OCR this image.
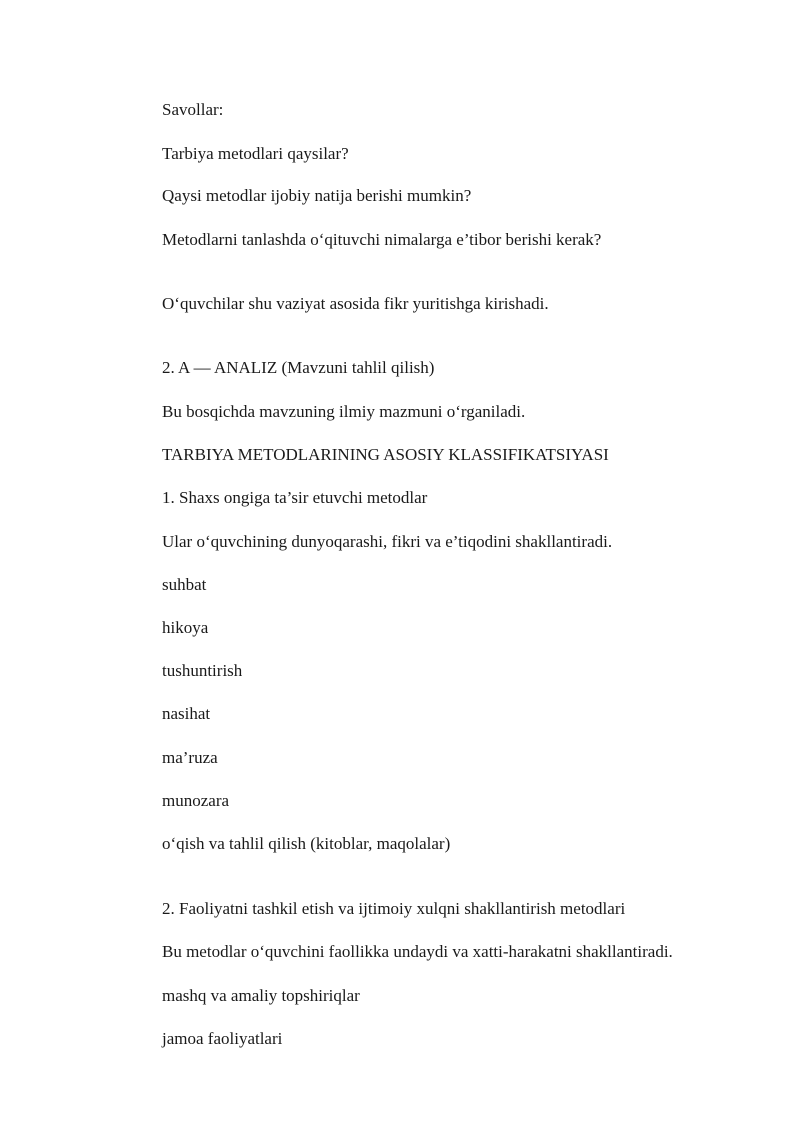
Savollar:

Tarbiya metodlari qaysilar?

Qaysi metodlar ijobiy natija berishi mumkin?

Metodlarni tanlashda o‘qituvchi nimalarga e’tibor berishi kerak?

O‘quvchilar shu vaziyat asosida fikr yuritishga kirishadi.

2. A — ANALIZ (Mavzuni tahlil qilish)

Bu bosqichda mavzuning ilmiy mazmuni o‘rganiladi.

TARBIYA METODLARINING ASOSIY KLASSIFIKATSIYASI

1. Shaxs ongiga ta’sir etuvchi metodlar

Ular o‘quvchining dunyoqarashi, fikri va e’tiqodini shakllantiradi.

suhbat

hikoya

tushuntirish

nasihat

ma’ruza

munozara

o‘qish va tahlil qilish (kitoblar, maqolalar)

2. Faoliyatni tashkil etish va ijtimoiy xulqni shakllantirish metodlari

Bu metodlar o‘quvchini faollikka undaydi va xatti-harakatni shakllantiradi.

mashq va amaliy topshiriqlar

jamoa faoliyatlari
